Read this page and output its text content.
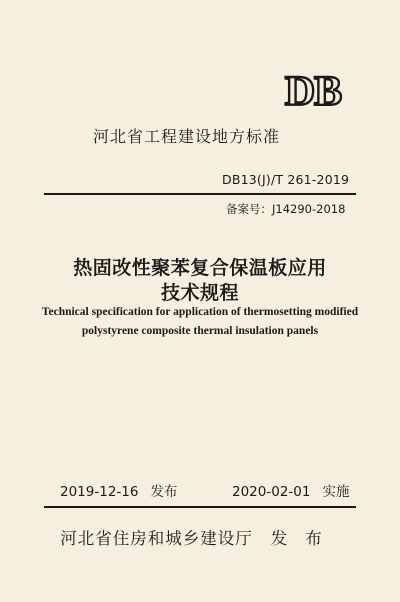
DB
河北省工程建设地方标准
DB13(J)/T 261-2019
备案号：J14290-2018
热固改性聚苯复合保温板应用
技术规程
Technical specification for application of thermosetting modified
polystyrene composite thermal insulation panels
2019-12-16 发布	2020-02-01 实施
河北省住房和城乡建设厅 发布
